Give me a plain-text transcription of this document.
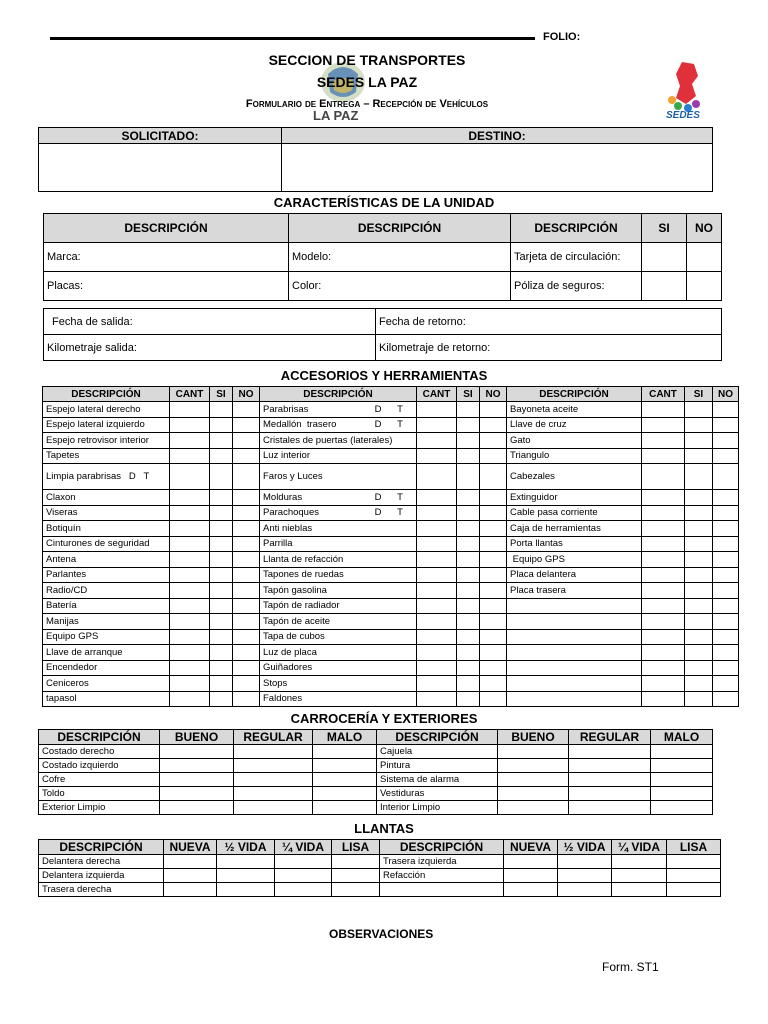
FOLIO:
SECCION DE TRANSPORTES
SEDES LA PAZ
LA PAZ
Formulario de Entrega – Recepción de Vehículos
SEDES
SOLICITADO:	DESTINO:

CARACTERÍSTICAS DE LA UNIDAD
DESCRIPCIÓN	DESCRIPCIÓN	DESCRIPCIÓN	SI	NO
Marca:	Modelo:	Tarjeta de circulación:		
Placas:	Color:	Póliza de seguros:		
Fecha de salida:	Fecha de retorno:
Kilometraje salida:	Kilometraje de retorno:
ACCESORIOS Y HERRAMIENTAS
DESCRIPCIÓN	CANT	SI	NO	DESCRIPCIÓN	CANT	SI	NO	DESCRIPCIÓN	CANT	SI	NO
Espejo lateral derecho				Parabrisas D      T				Bayoneta aceite			
Espejo lateral izquierdo				Medallón  trasero D      T				Llave de cruz			
Espejo retrovisor interior				Cristales de puertas (laterales)				Gato			
Tapetes				Luz interior				Triangulo			
Limpia parabrisas   D   T				Faros y Luces				Cabezales			
Claxon				Molduras D      T				Extinguidor			
Viseras				Parachoques D      T				Cable pasa corriente			
Botiquín				Anti nieblas				Caja de herramientas			
Cinturones de seguridad				Parrilla				Porta llantas			
Antena				Llanta de refacción				Equipo GPS			
Parlantes				Tapones de ruedas				Placa delantera			
Radio/CD				Tapón gasolina				Placa trasera			
Batería				Tapón de radiador							
Manijas				Tapón de aceite							
Equipo GPS				Tapa de cubos							
Llave de arranque				Luz de placa							
Encendedor				Guiñadores							
Ceniceros				Stops							
tapasol				Faldones							
CARROCERÍA Y EXTERIORES
DESCRIPCIÓN	BUENO	REGULAR	MALO	DESCRIPCIÓN	BUENO	REGULAR	MALO
Costado derecho				Cajuela			
Costado izquierdo				Pintura			
Cofre				Sistema de alarma			
Toldo				Vestiduras			
Exterior Limpio				Interior Limpio			
LLANTAS
DESCRIPCIÓN	NUEVA	½ VIDA	¼ VIDA	LISA	DESCRIPCIÓN	NUEVA	½ VIDA	¼ VIDA	LISA
Delantera derecha					Trasera izquierda				
Delantera izquierda					Refacción				
Trasera derecha									
OBSERVACIONES
Form. ST1
